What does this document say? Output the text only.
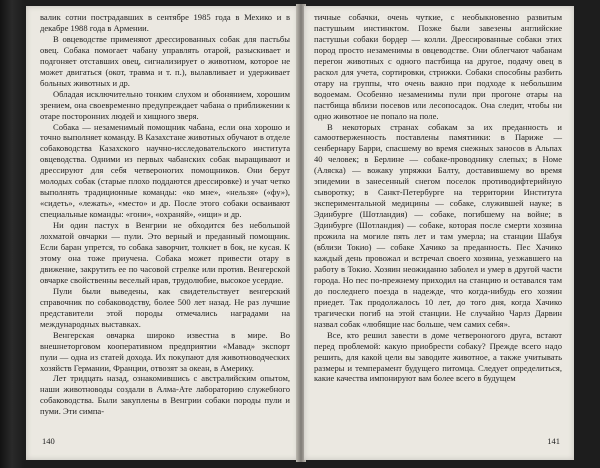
валик сотни пострадавших в сентябре 1985 года в Мехико и в декабре 1988 года в Армении.

В овцеводстве применяют дрессированных собак для пастьбы овец. Собака помогает чабану управлять отарой, разыскивает и подгоняет отставших овец, сигнализирует о животном, которое не может двигаться (окот, травма и т. п.), вылавливает и удерживает больных животных и др.

Обладая исключительно тонким слухом и обонянием, хорошим зрением, она своевременно предупреждает чабана о приближении к отаре посторонних людей и хищного зверя.

Собака — незаменимый помощник чабана, если она хорошо и точно выполняет команду. В Казахстане животных обучают в отделе собаководства Казахского научно-исследовательского института овцеводства. Одними из первых чабанских собак выращивают и дрессируют для себя четвероногих помощников. Они берут молодых собак (старые плохо поддаются дрессировке) и учат четко выполнять традиционные команды: «ко мне», «нельзя» («фу»), «сидеть», «лежать», «место» и др. После этого собаки осваивают специальные команды: «гони», «охраняй», «ищи» и др.

Ни один пастух в Венгрии не обходится без небольшой лохматой овчарки — пули. Это верный и преданный помощник. Если баран упрется, то собака заворчит, толкнет в бок, не кусая. К этому она тоже приучена. Собака может привести отару в движение, закрутить ее по часовой стрелке или против. Венгерской овчарке свойственны веселый нрав, трудолюбие, высокое усердие.

Пули были выведены, как свидетельствует венгерский справочник по собаководству, более 500 лет назад. Не раз лучшие представители этой породы отмечались наградами на международных выставках.

Венгерская овчарка широко известна в мире. Во внешнеторговом кооперативном предприятии «Мавад» экспорт пули — одна из статей дохода. Их покупают для животноводческих хозяйств Германии, Франции, отвозят за океан, в Америку.

Лет тридцать назад, ознакомившись с австралийским опытом, наши животноводы создали в Алма-Ате лабораторию служебного собаководства. Были закуплены в Венгрии собаки породы пули и пуми. Эти симпа-

140

тичные собачки, очень чуткие, с необыкновенно развитым пастушьим инстинктом. Позже были завезены английские пастушьи собаки бордер — колли. Дрессированные собаки этих пород просто незаменимы в овцеводстве. Они облегчают чабанам перегон животных с одного пастбища на другое, подачу овец в раскол для учета, сортировки, стрижки. Собаки способны разбить отару на группы, что очень важно при подходе к небольшим водоемам. Особенно незаменимы пули при прогоне отары на пастбища вблизи посевов или лесопосадок. Она следит, чтобы ни одно животное не попало на поле.

В некоторых странах собакам за их преданность и самоотверженность поставлены памятники: в Париже — сенбернару Барри, спасшему во время снежных заносов в Альпах 40 человек; в Берлине — собаке-проводнику слепых; в Номе (Аляска) — вожаку упряжки Балту, доставившему во время эпидемии в занесенный снегом поселок противодифтерийную сыворотку; в Санкт-Петербурге на территории Института экспериментальной медицины — собаке, служившей науке; в Эдинбурге (Шотландия) — собаке, погибшему на войне; в Эдинбурге (Шотландия) — собаке, которая после смерти хозяина прожила на могиле пять лет и там умерла; на станции Шабуя (вблизи Токио) — собаке Хачико за преданность. Пес Хачико каждый день провожал и встречал своего хозяина, уезжавшего на работу в Токио. Хозяин неожиданно заболел и умер в другой части города. Но пес по-прежнему приходил на станцию и оставался там до последнего поезда в надежде, что когда-нибудь его хозяин приедет. Так продолжалось 10 лет, до того дня, когда Хачико трагически погиб на этой станции. Не случайно Чарлз Дарвин назвал собак «любящие нас больше, чем самих себя».

Все, кто решил завести в доме четвероногого друга, встают перед проблемой: какую приобрести собаку? Прежде всего надо решить, для какой цели вы заводите животное, а также учитывать размеры и темперамент будущего питомца. Следует определиться, какие качества импонируют вам более всего в будущем

141
